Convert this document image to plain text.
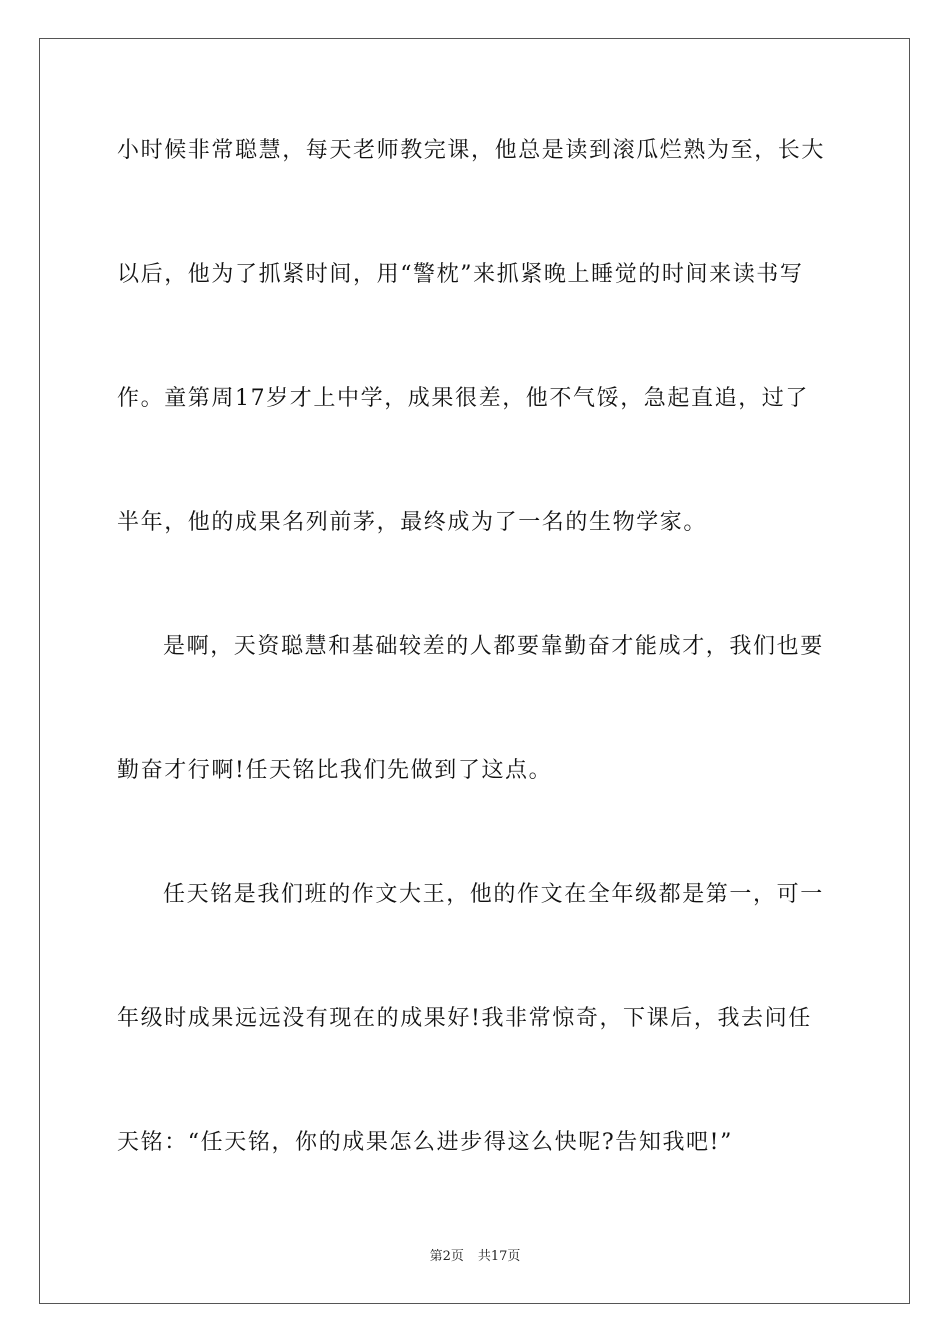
小时候非常聪慧，每天老师教完课，他总是读到滚瓜烂熟为至，长大

以后，他为了抓紧时间，用“警枕”来抓紧晚上睡觉的时间来读书写

作。童第周17岁才上中学，成果很差，他不气馁，急起直追，过了

半年，他的成果名列前茅，最终成为了一名的生物学家。

是啊，天资聪慧和基础较差的人都要靠勤奋才能成才，我们也要

勤奋才行啊!任天铭比我们先做到了这点。

任天铭是我们班的作文大王，他的作文在全年级都是第一，可一

年级时成果远远没有现在的成果好!我非常惊奇，下课后，我去问任

天铭：“任天铭，你的成果怎么进步得这么快呢?告知我吧!”

第2页 共17页
